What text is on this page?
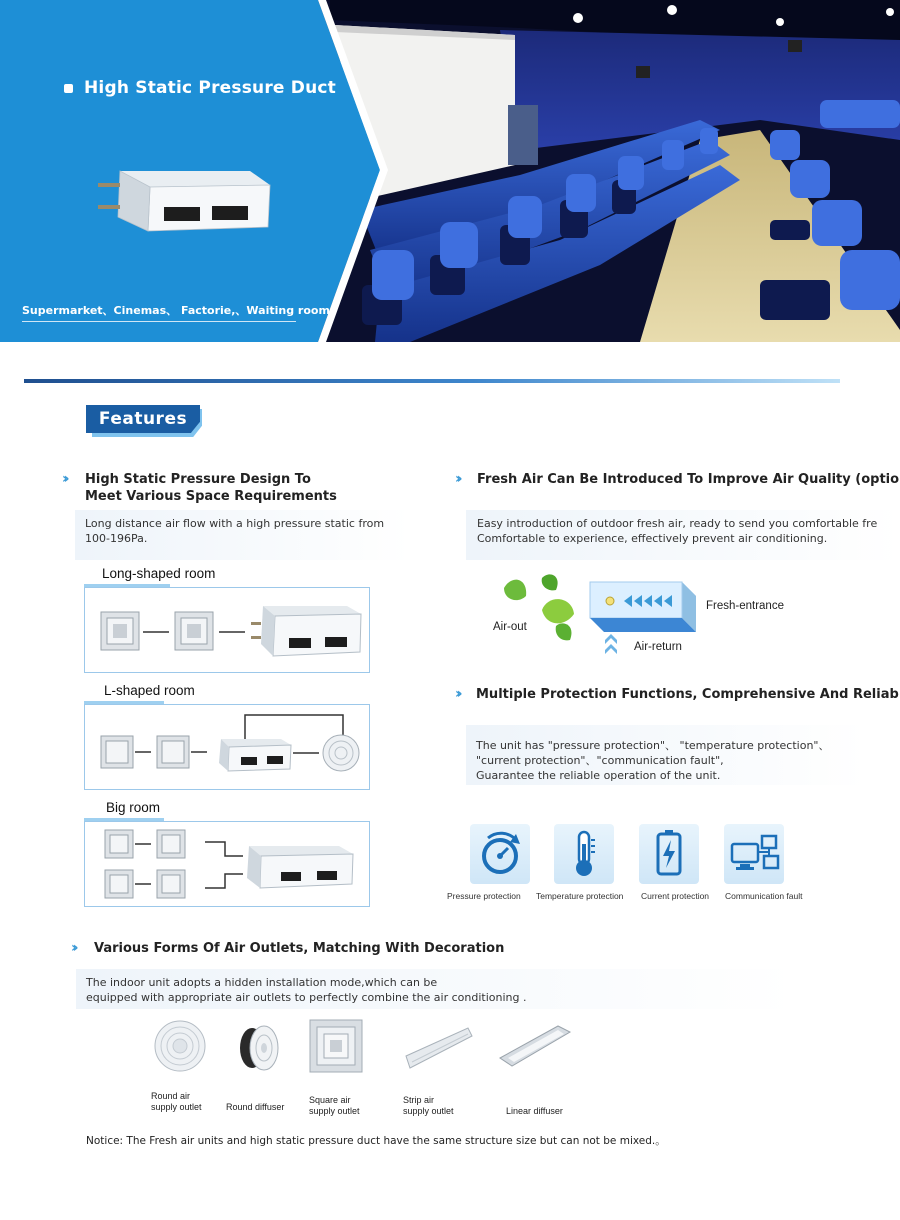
High Static Pressure Duct
Supermarket、Cinemas、 Factorie,、Waiting rooms
Features
›› High Static Pressure Design To
Meet Various Space Requirements
Long distance air flow with a high pressure static from
100-196Pa.
Long-shaped room
L-shaped room
Big room
›› Fresh Air Can Be Introduced To Improve Air Quality (optio
Easy introduction of outdoor fresh air, ready to send you comfortable fre
Comfortable to experience, effectively prevent air conditioning.
Air-out
Fresh-entrance
Air-return
›› Multiple Protection Functions, Comprehensive And Reliab
The unit has "pressure protection"、 "temperature protection"、
"current protection"、"communication fault",
Guarantee the reliable operation of the unit.
Pressure protection Temperature protection Current protection Communication fault
›› Various Forms Of Air Outlets, Matching With Decoration
The indoor unit adopts a hidden installation mode,which can be
equipped with appropriate air outlets to perfectly combine the air conditioning .
Round air
supply outlet	Round diffuser
Square air
supply outlet
Strip air
supply outlet	Linear diffuser
Notice: The Fresh air units and high static pressure duct have the same structure size but can not be mixed.。
